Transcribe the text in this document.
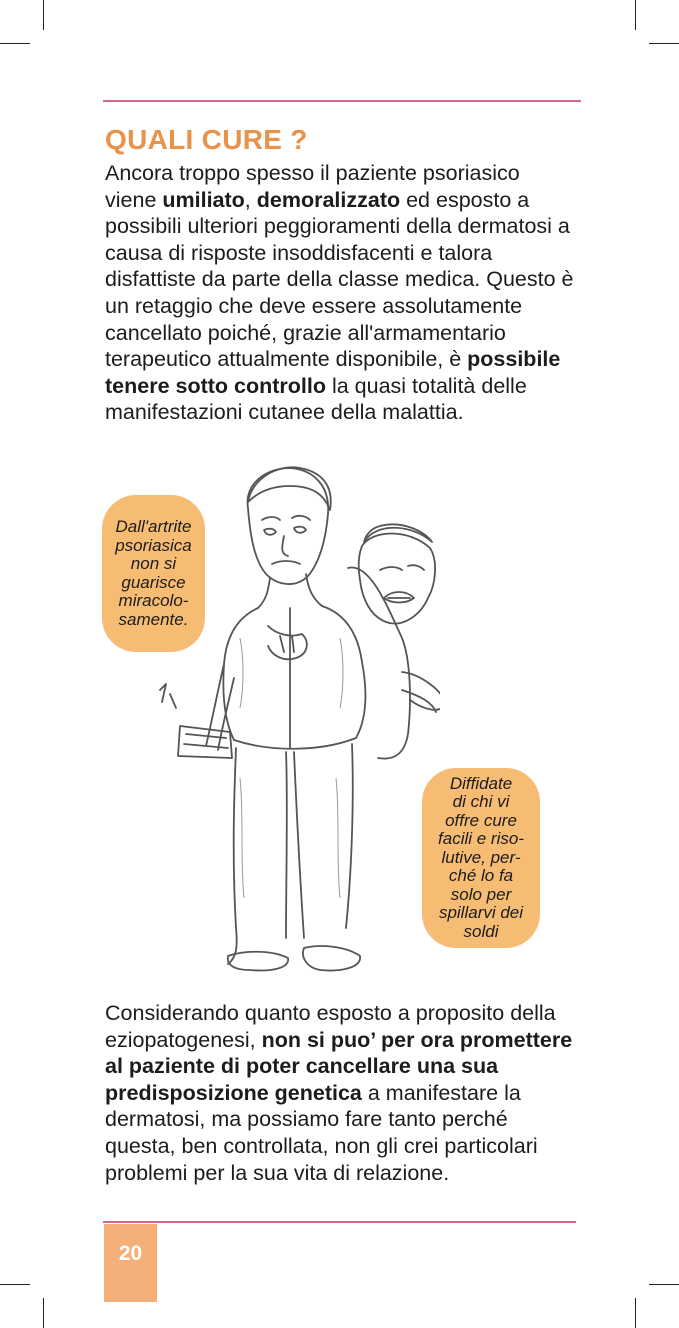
QUALI CURE ?

Ancora troppo spesso il paziente psoriasico viene umiliato, demoralizzato ed esposto a possibili ulteriori peggioramenti della dermatosi a causa di risposte insoddisfacenti e talora disfattiste da parte della classe medica. Questo è un retaggio che deve essere assolutamente cancellato poiché, grazie all'armamentario terapeutico attualmente disponibile, è possibile tenere sotto controllo la quasi totalità delle manifestazioni cutanee della malattia.

Dall'artrite
psoriasica
non si
guarisce
miracolo-
samente.
Diffidate
di chi vi
offre cure
facili e riso-
lutive, per-
ché lo fa
solo per
spillarvi dei
soldi

Considerando quanto esposto a proposito della eziopatogenesi, non si puo’ per ora promettere al paziente di poter cancellare una sua predisposizione genetica a manifestare la dermatosi, ma possiamo fare tanto perché questa, ben controllata, non gli crei particolari problemi per la sua vita di relazione.

20
